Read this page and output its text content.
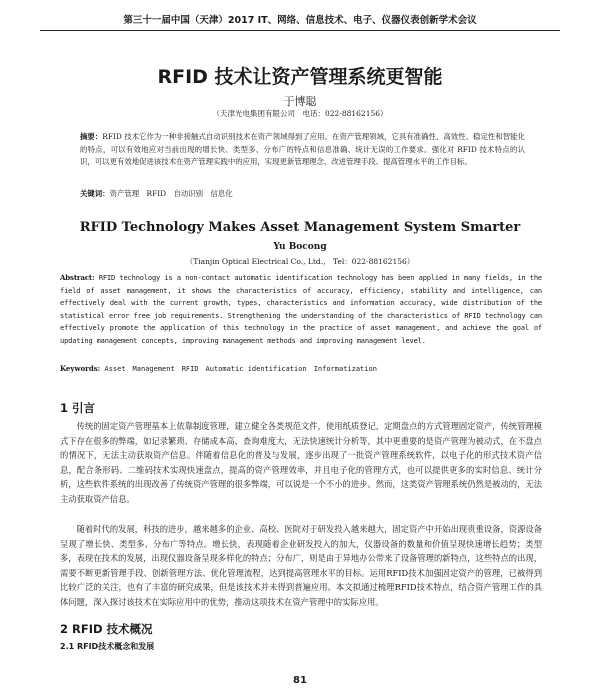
第三十一届中国（天津）2017 IT、网络、信息技术、电子、仪器仪表创新学术会议
RFID 技术让资产管理系统更智能
于博聪
（天津光电集团有限公司　电话：022-88162156）
摘要：RFID 技术它作为一种非接触式自动识别技术在资产领域得到了应用。在资产管理领域，它具有准确性、高效性、稳定性和智能化的特点，可以有效地应对当前出现的增长快、类型多、分布广的特点和信息准确、统计无误的工作要求。强化对 RFID 技术特点的认识，可以更有效地促进该技术在资产管理实践中的应用，实现更新管理理念、改进管理手段、提高管理水平的工作目标。
关键词：资产管理　RFID　自动识别　信息化
RFID Technology Makes Asset Management System Smarter
Yu Bocong
（Tianjin Optical Electrical Co., Ltd.,　Tel：022-88162156）
Abstract: RFID technology is a non-contact automatic identification technology has been applied in many fields, in the field of asset management, it shows the characteristics of accuracy, efficiency, stability and intelligence, can effectively deal with the current growth, types, characteristics and information accuracy, wide distribution of the statistical error free job requirements. Strengthening the understanding of the characteristics of RFID technology can effectively promote the application of this technology in the practice of asset management, and achieve the goal of updating management concepts, improving management methods and improving management level.
Keywords: Asset　Management　RFID　Automatic identification　Informatization
1 引言
传统的固定资产管理基本上依靠制度管理，建立健全各类规范文件，使用纸质登记，定期盘点的方式管理固定资产，传统管理模式下存在很多的弊端，如记录繁琐、存储成本高、查询难度大，无法快速统计分析等，其中更重要的是资产管理为被动式，在不盘点的情况下，无法主动获取资产信息。伴随着信息化的普及与发展，逐步出现了一批资产管理系统软件，以电子化的形式技术资产信息，配合条形码、二维码技术实现快速盘点，提高的资产管理效率，并且电子化的管理方式，也可以提供更多的实时信息、统计分析，这些软件系统的出现改善了传统资产管理的很多弊端，可以说是一个不小的进步。然而，这类资产管理系统仍然是被动的，无法主动获取资产信息。
随着时代的发展，科技的进步，越来越多的企业、高校、医院对于研发投入越来越大，固定资产中开始出现贵重设备，资源设备呈现了增长快、类型多、分布广等特点。增长快，表现随着企业研发投入的加大，仪器设备的数量和价值呈现快速增长趋势；类型多，表现在技术的发展，出现仪器设备呈现多样化的特点；分布广，则是由于异地办公带来了设备管理的新特点，这些特点的出现，需要不断更新管理手段、创新管理方法、优化管理流程，达到提高管理水平的目标。运用RFID技术加强固定资产的管理，已被得到比较广泛的关注，也有了丰富的研究成果，但是该技术并未得到普遍应用。本文拟通过梳理RFID技术特点，结合资产管理工作的具体问题，深入探讨该技术在实际应用中的优势，推动这项技术在资产管理中的实际应用。
2 RFID 技术概况
2.1 RFID技术概念和发展
81
